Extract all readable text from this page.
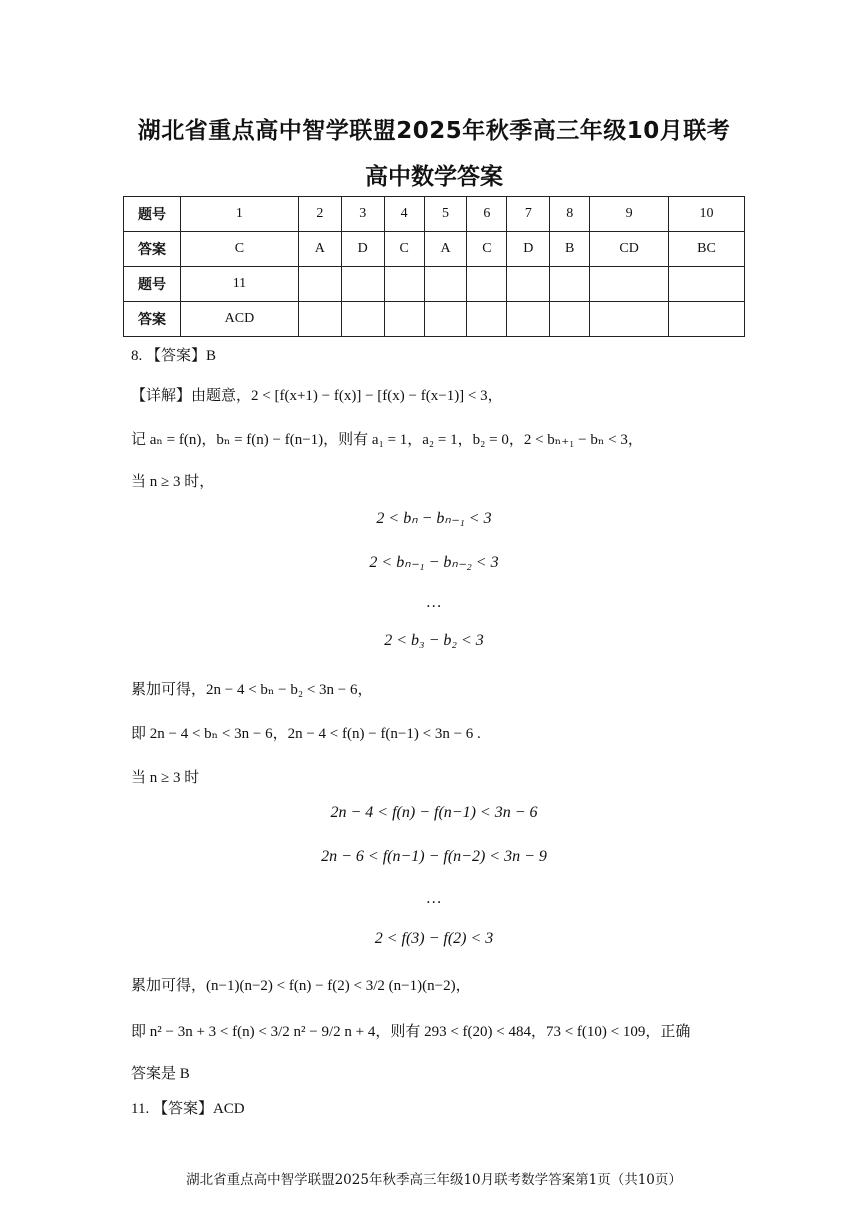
湖北省重点高中智学联盟2025年秋季高三年级10月联考
高中数学答案
题号	1	2	3	4	5	6	7	8	9	10
答案	C	A	D	C	A	C	D	B	CD	BC
题号	11									
答案	ACD									
8. 【答案】B
【详解】由题意，2 < [f(x+1) − f(x)] − [f(x) − f(x−1)] < 3，
记 aₙ = f(n)，bₙ = f(n) − f(n−1)，则有 a₁ = 1，a₂ = 1，b₂ = 0，2 < bₙ₊₁ − bₙ < 3，
当 n ≥ 3 时，
2 < bₙ − bₙ₋₁ < 3
2 < bₙ₋₁ − bₙ₋₂ < 3
…
2 < b₃ − b₂ < 3
累加可得，2n − 4 < bₙ − b₂ < 3n − 6，
即 2n − 4 < bₙ < 3n − 6，2n − 4 < f(n) − f(n−1) < 3n − 6 .
当 n ≥ 3 时
2n − 4 < f(n) − f(n−1) < 3n − 6
2n − 6 < f(n−1) − f(n−2) < 3n − 9
…
2 < f(3) − f(2) < 3
累加可得，(n−1)(n−2) < f(n) − f(2) < 3/2 (n−1)(n−2)，
即 n² − 3n + 3 < f(n) < 3/2 n² − 9/2 n + 4，则有 293 < f(20) < 484，73 < f(10) < 109，正确
答案是 B
11. 【答案】ACD
湖北省重点高中智学联盟2025年秋季高三年级10月联考数学答案第1页（共10页）
